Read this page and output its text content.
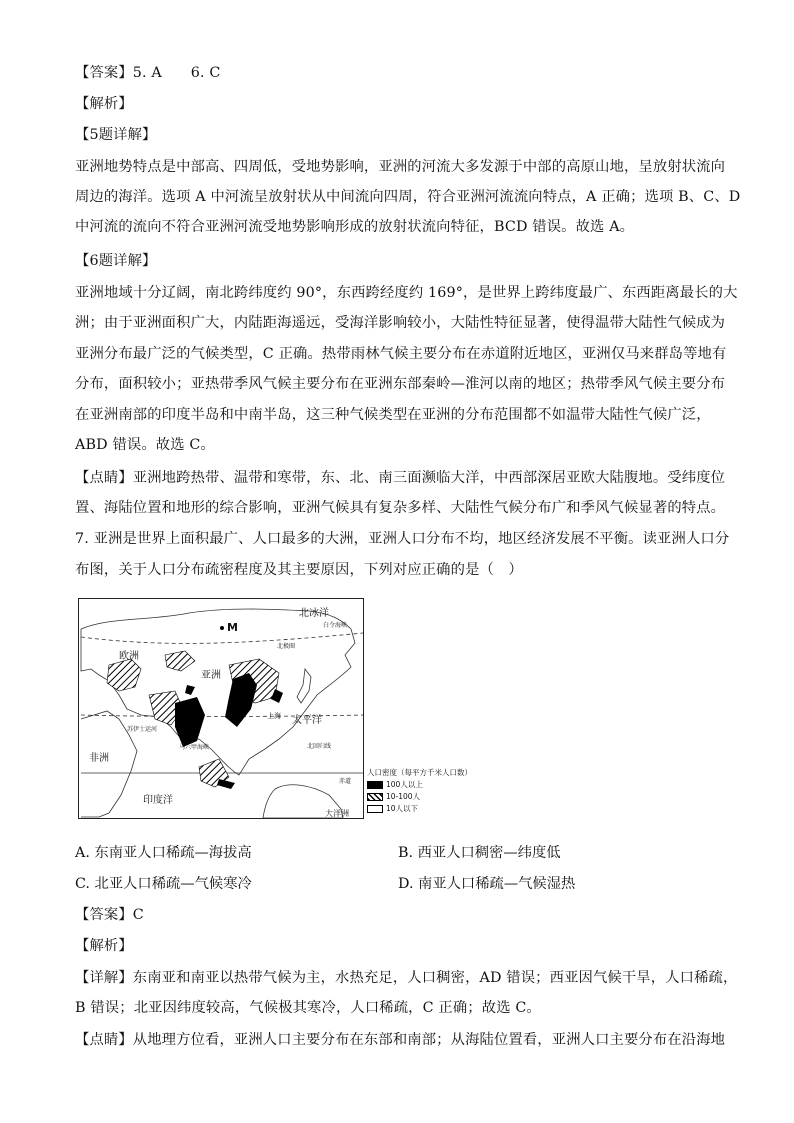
【答案】5. A　　6. C
【解析】
【5题详解】
亚洲地势特点是中部高、四周低，受地势影响，亚洲的河流大多发源于中部的高原山地，呈放射状流向
周边的海洋。选项 A 中河流呈放射状从中间流向四周，符合亚洲河流流向特点，A 正确；选项 B、C、D
中河流的流向不符合亚洲河流受地势影响形成的放射状流向特征，BCD 错误。故选 A。
【6题详解】
亚洲地域十分辽阔，南北跨纬度约 90°，东西跨经度约 169°，是世界上跨纬度最广、东西距离最长的大
洲；由于亚洲面积广大，内陆距海遥远，受海洋影响较小，大陆性特征显著，使得温带大陆性气候成为
亚洲分布最广泛的气候类型，C 正确。热带雨林气候主要分布在赤道附近地区，亚洲仅马来群岛等地有
分布，面积较小；亚热带季风气候主要分布在亚洲东部秦岭—淮河以南的地区；热带季风气候主要分布
在亚洲南部的印度半岛和中南半岛，这三种气候类型在亚洲的分布范围都不如温带大陆性气候广泛，
ABD 错误。故选 C。
【点睛】亚洲地跨热带、温带和寒带，东、北、南三面濒临大洋，中西部深居亚欧大陆腹地。受纬度位
置、海陆位置和地形的综合影响，亚洲气候具有复杂多样、大陆性气候分布广和季风气候显著的特点。
7. 亚洲是世界上面积最广、人口最多的大洲，亚洲人口分布不均，地区经济发展不平衡。读亚洲人口分
布图，关于人口分布疏密程度及其主要原因，下列对应正确的是（　）
北冰洋
白令海峡
M
北极圈
欧洲
亚洲
上海 太平洋
苏伊士运河
马六甲海峡	北回归线
非洲
赤道
印度洋
大洋洲
人口密度（每平方千米人口数）
100人以上
10-100人
10人以下
A. 东南亚人口稀疏—海拔高	B. 西亚人口稠密—纬度低
C. 北亚人口稀疏—气候寒冷	D. 南亚人口稀疏—气候湿热
【答案】C
【解析】
【详解】东南亚和南亚以热带气候为主，水热充足，人口稠密，AD 错误；西亚因气候干旱，人口稀疏，
B 错误；北亚因纬度较高，气候极其寒冷，人口稀疏，C 正确；故选 C。
【点睛】从地理方位看，亚洲人口主要分布在东部和南部；从海陆位置看，亚洲人口主要分布在沿海地
